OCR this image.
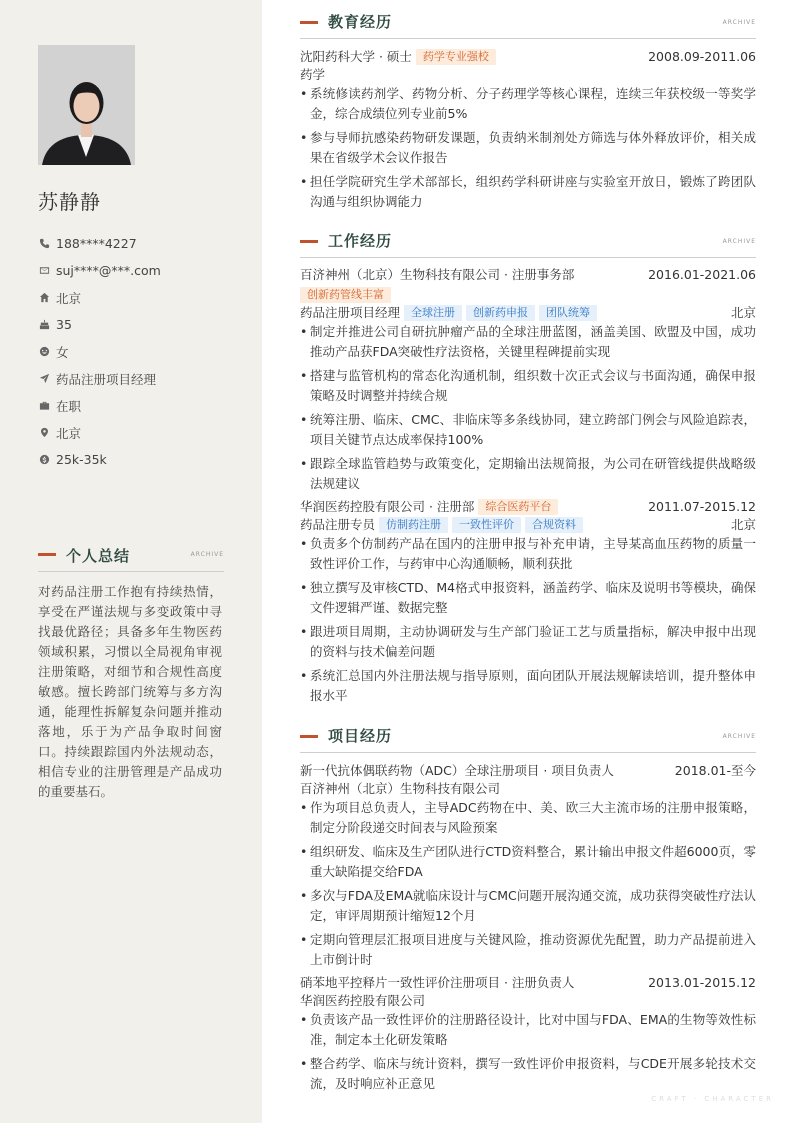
苏静静
188****4227
suj****@***.com
北京
35
女
药品注册项目经理
在职
北京
25k-35k
个人总结	ARCHIVE
对药品注册工作抱有持续热情，享受在严谨法规与多变政策中寻找最优路径；具备多年生物医药领域积累，习惯以全局视角审视注册策略，对细节和合规性高度敏感。擅长跨部门统筹与多方沟通，能理性拆解复杂问题并推动落地，乐于为产品争取时间窗口。持续跟踪国内外法规动态，相信专业的注册管理是产品成功的重要基石。
教育经历	ARCHIVE
沈阳药科大学 · 硕士 药学专业强校	2008.09-2011.06
药学
• 系统修读药剂学、药物分析、分子药理学等核心课程，连续三年获校级一等奖学金，综合成绩位列专业前5%
• 参与导师抗感染药物研发课题，负责纳米制剂处方筛选与体外释放评价，相关成果在省级学术会议作报告
• 担任学院研究生学术部部长，组织药学科研讲座与实验室开放日，锻炼了跨团队沟通与组织协调能力
工作经历	ARCHIVE
百济神州（北京）生物科技有限公司 · 注册事务部	2016.01-2021.06
创新药管线丰富
药品注册项目经理 全球注册 创新药申报 团队统筹	北京
• 制定并推进公司自研抗肿瘤产品的全球注册蓝图，涵盖美国、欧盟及中国，成功推动产品获FDA突破性疗法资格，关键里程碑提前实现
• 搭建与监管机构的常态化沟通机制，组织数十次正式会议与书面沟通，确保申报策略及时调整并持续合规
• 统筹注册、临床、CMC、非临床等多条线协同，建立跨部门例会与风险追踪表，项目关键节点达成率保持100%
• 跟踪全球监管趋势与政策变化，定期输出法规简报，为公司在研管线提供战略级法规建议
华润医药控股有限公司 · 注册部 综合医药平台	2011.07-2015.12
药品注册专员 仿制药注册 一致性评价 合规资料	北京
• 负责多个仿制药产品在国内的注册申报与补充申请，主导某高血压药物的质量一致性评价工作，与药审中心沟通顺畅，顺利获批
• 独立撰写及审核CTD、M4格式申报资料，涵盖药学、临床及说明书等模块，确保文件逻辑严谨、数据完整
• 跟进项目周期，主动协调研发与生产部门验证工艺与质量指标，解决申报中出现的资料与技术偏差问题
• 系统汇总国内外注册法规与指导原则，面向团队开展法规解读培训，提升整体申报水平
项目经历	ARCHIVE
新一代抗体偶联药物（ADC）全球注册项目 · 项目负责人	2018.01-至今
百济神州（北京）生物科技有限公司
• 作为项目总负责人，主导ADC药物在中、美、欧三大主流市场的注册申报策略，制定分阶段递交时间表与风险预案
• 组织研发、临床及生产团队进行CTD资料整合，累计输出申报文件超6000页，零重大缺陷提交给FDA
• 多次与FDA及EMA就临床设计与CMC问题开展沟通交流，成功获得突破性疗法认定，审评周期预计缩短12个月
• 定期向管理层汇报项目进度与关键风险，推动资源优先配置，助力产品提前进入上市倒计时
硝苯地平控释片一致性评价注册项目 · 注册负责人	2013.01-2015.12
华润医药控股有限公司
• 负责该产品一致性评价的注册路径设计，比对中国与FDA、EMA的生物等效性标准，制定本土化研发策略
• 整合药学、临床与统计资料，撰写一致性评价申报资料，与CDE开展多轮技术交流，及时响应补正意见
CRAFT · CHARACTER
